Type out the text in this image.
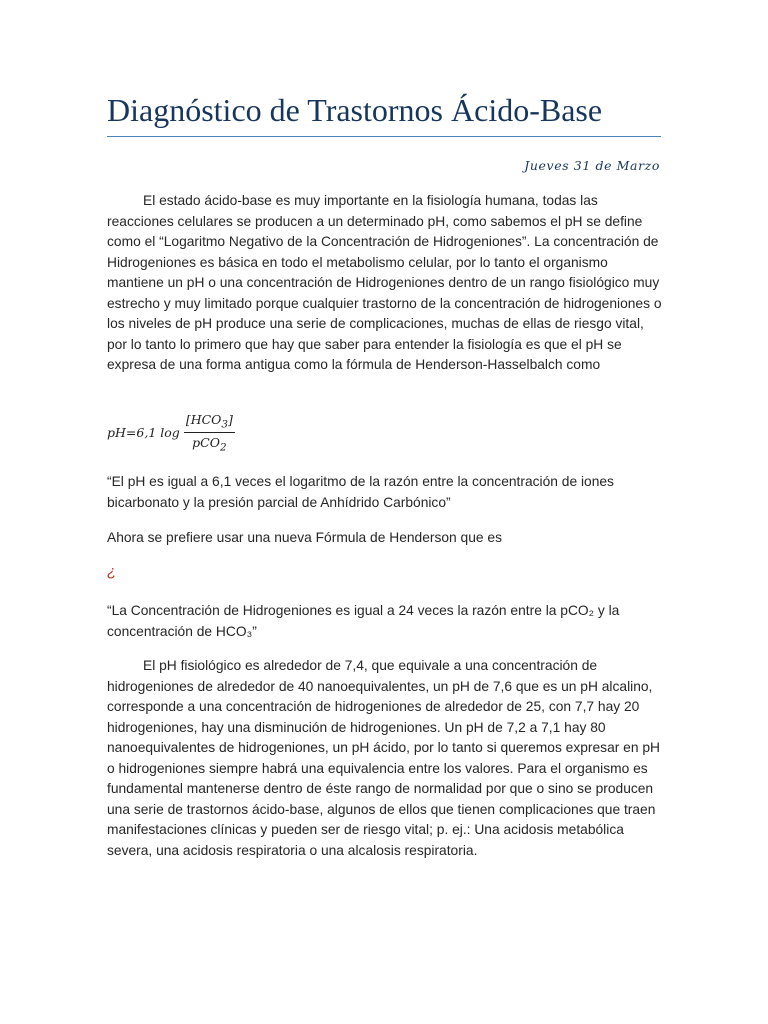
Diagnóstico de Trastornos Ácido-Base
Jueves 31 de Marzo

El estado ácido-base es muy importante en la fisiología humana, todas las reacciones celulares se producen a un determinado pH, como sabemos el pH se define como el “Logaritmo Negativo de la Concentración de Hidrogeniones”. La concentración de Hidrogeniones es básica en todo el metabolismo celular, por lo tanto el organismo mantiene un pH o una concentración de Hidrogeniones dentro de un rango fisiológico muy estrecho y muy limitado porque cualquier trastorno de la concentración de hidrogeniones o los niveles de pH produce una serie de complicaciones, muchas de ellas de riesgo vital, por lo tanto lo primero que hay que saber para entender la fisiología es que el pH se expresa de una forma antigua como la fórmula de Henderson-Hasselbalch como

pH = 6,1 $\log \frac{[HCO_3]}{pCO_2}$

“El pH es igual a 6,1 veces el logaritmo de la razón entre la concentración de iones bicarbonato y la presión parcial de Anhídrido Carbónico”

Ahora se prefiere usar una nueva Fórmula de Henderson que es

¿

“La Concentración de Hidrogeniones es igual a 24 veces la razón entre la pCO₂ y la concentración de HCO₃”

El pH fisiológico es alrededor de 7,4, que equivale a una concentración de hidrogeniones de alrededor de 40 nanoequivalentes, un pH de 7,6 que es un pH alcalino, corresponde a una concentración de hidrogeniones de alrededor de 25, con 7,7 hay 20 hidrogeniones, hay una disminución de hidrogeniones. Un pH de 7,2 a 7,1 hay 80 nanoequivalentes de hidrogeniones, un pH ácido, por lo tanto si queremos expresar en pH o hidrogeniones siempre habrá una equivalencia entre los valores. Para el organismo es fundamental mantenerse dentro de éste rango de normalidad por que o sino se producen una serie de trastornos ácido-base, algunos de ellos que tienen complicaciones que traen manifestaciones clínicas y pueden ser de riesgo vital; p. ej.: Una acidosis metabólica severa, una acidosis respiratoria o una alcalosis respiratoria.
